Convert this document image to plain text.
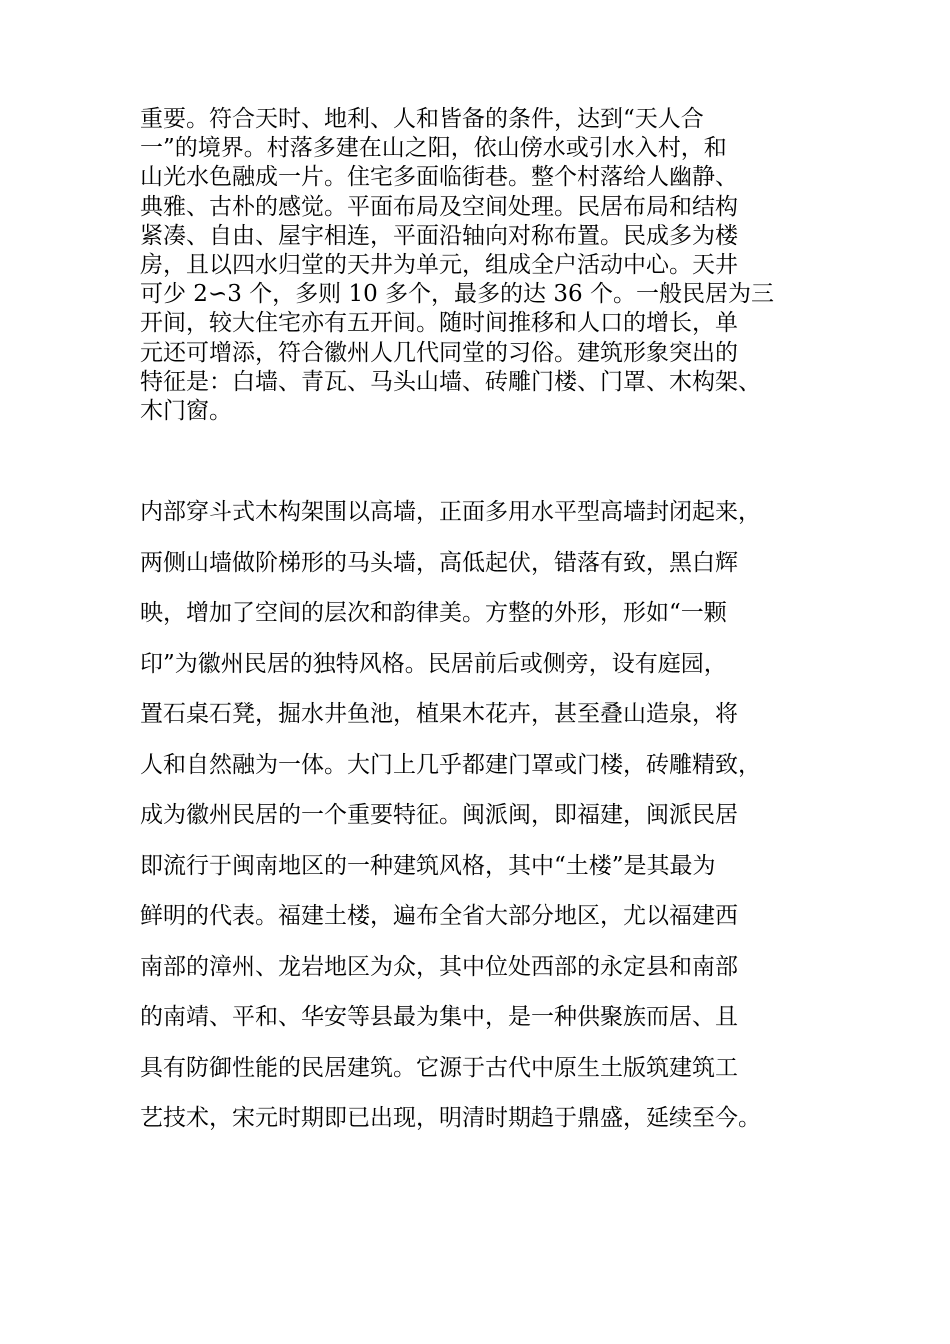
重要。符合天时、地利、人和皆备的条件，达到“天人合
一”的境界。村落多建在山之阳，依山傍水或引水入村，和
山光水色融成一片。住宅多面临街巷。整个村落给人幽静、
典雅、古朴的感觉。平面布局及空间处理。民居布局和结构
紧凑、自由、屋宇相连，平面沿轴向对称布置。民成多为楼
房，且以四水归堂的天井为单元，组成全户活动中心。天井
可少 2∽3 个，多则 10 多个，最多的达 36 个。一般民居为三
开间，较大住宅亦有五开间。随时间推移和人口的增长，单
元还可增添，符合徽州人几代同堂的习俗。建筑形象突出的
特征是：白墙、青瓦、马头山墙、砖雕门楼、门罩、木构架、
木门窗。

内部穿斗式木构架围以高墙，正面多用水平型高墙封闭起来，
两侧山墙做阶梯形的马头墙，高低起伏，错落有致，黑白辉
映，增加了空间的层次和韵律美。方整的外形，形如“一颗
印”为徽州民居的独特风格。民居前后或侧旁，设有庭园，
置石桌石凳，掘水井鱼池，植果木花卉，甚至叠山造泉，将
人和自然融为一体。大门上几乎都建门罩或门楼，砖雕精致，
成为徽州民居的一个重要特征。闽派闽，即福建，闽派民居
即流行于闽南地区的一种建筑风格，其中“土楼”是其最为
鲜明的代表。福建土楼，遍布全省大部分地区，尤以福建西
南部的漳州、龙岩地区为众，其中位处西部的永定县和南部
的南靖、平和、华安等县最为集中，是一种供聚族而居、且
具有防御性能的民居建筑。它源于古代中原生土版筑建筑工
艺技术，宋元时期即已出现，明清时期趋于鼎盛，延续至今。
